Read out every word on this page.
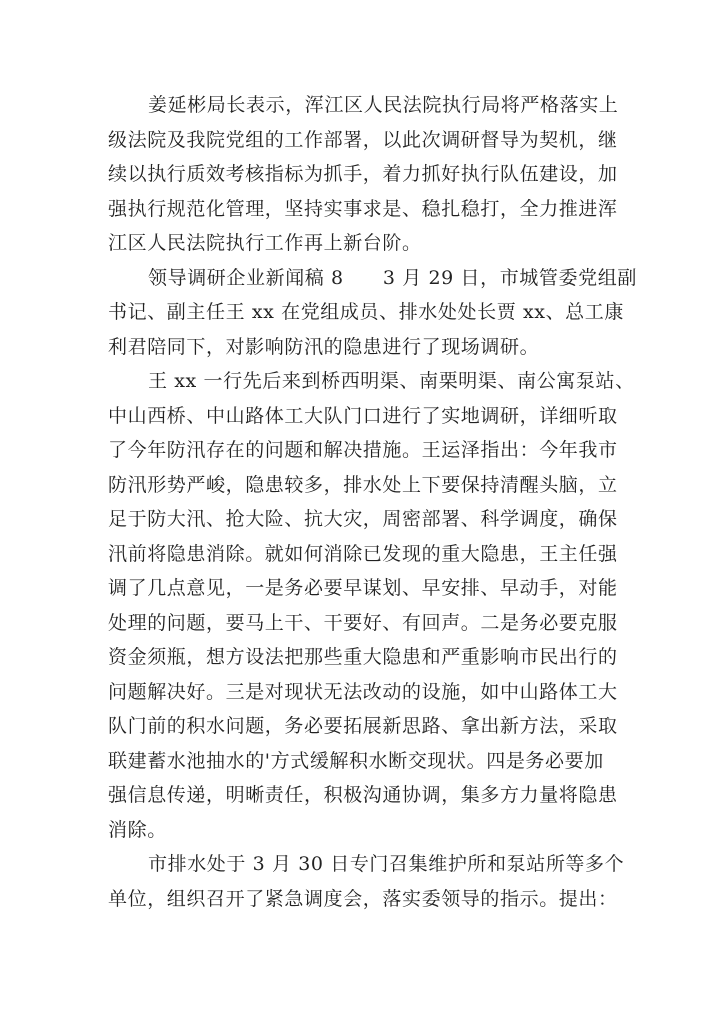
姜延彬局长表示，浑江区人民法院执行局将严格落实上
级法院及我院党组的工作部署，以此次调研督导为契机，继
续以执行质效考核指标为抓手，着力抓好执行队伍建设，加
强执行规范化管理，坚持实事求是、稳扎稳打，全力推进浑
江区人民法院执行工作再上新台阶。
领导调研企业新闻稿 8　　3 月 29 日，市城管委党组副
书记、副主任王 xx 在党组成员、排水处处长贾 xx、总工康
利君陪同下，对影响防汛的隐患进行了现场调研。
王 xx 一行先后来到桥西明渠、南栗明渠、南公寓泵站、
中山西桥、中山路体工大队门口进行了实地调研，详细听取
了今年防汛存在的问题和解决措施。王运泽指出：今年我市
防汛形势严峻，隐患较多，排水处上下要保持清醒头脑，立
足于防大汛、抢大险、抗大灾，周密部署、科学调度，确保
汛前将隐患消除。就如何消除已发现的重大隐患，王主任强
调了几点意见，一是务必要早谋划、早安排、早动手，对能
处理的问题，要马上干、干要好、有回声。二是务必要克服
资金须瓶，想方设法把那些重大隐患和严重影响市民出行的
问题解决好。三是对现状无法改动的设施，如中山路体工大
队门前的积水问题，务必要拓展新思路、拿出新方法，采取
联建蓄水池抽水的'方式缓解积水断交现状。四是务必要加
强信息传递，明晰责任，积极沟通协调，集多方力量将隐患
消除。
市排水处于 3 月 30 日专门召集维护所和泵站所等多个
单位，组织召开了紧急调度会，落实委领导的指示。提出：
